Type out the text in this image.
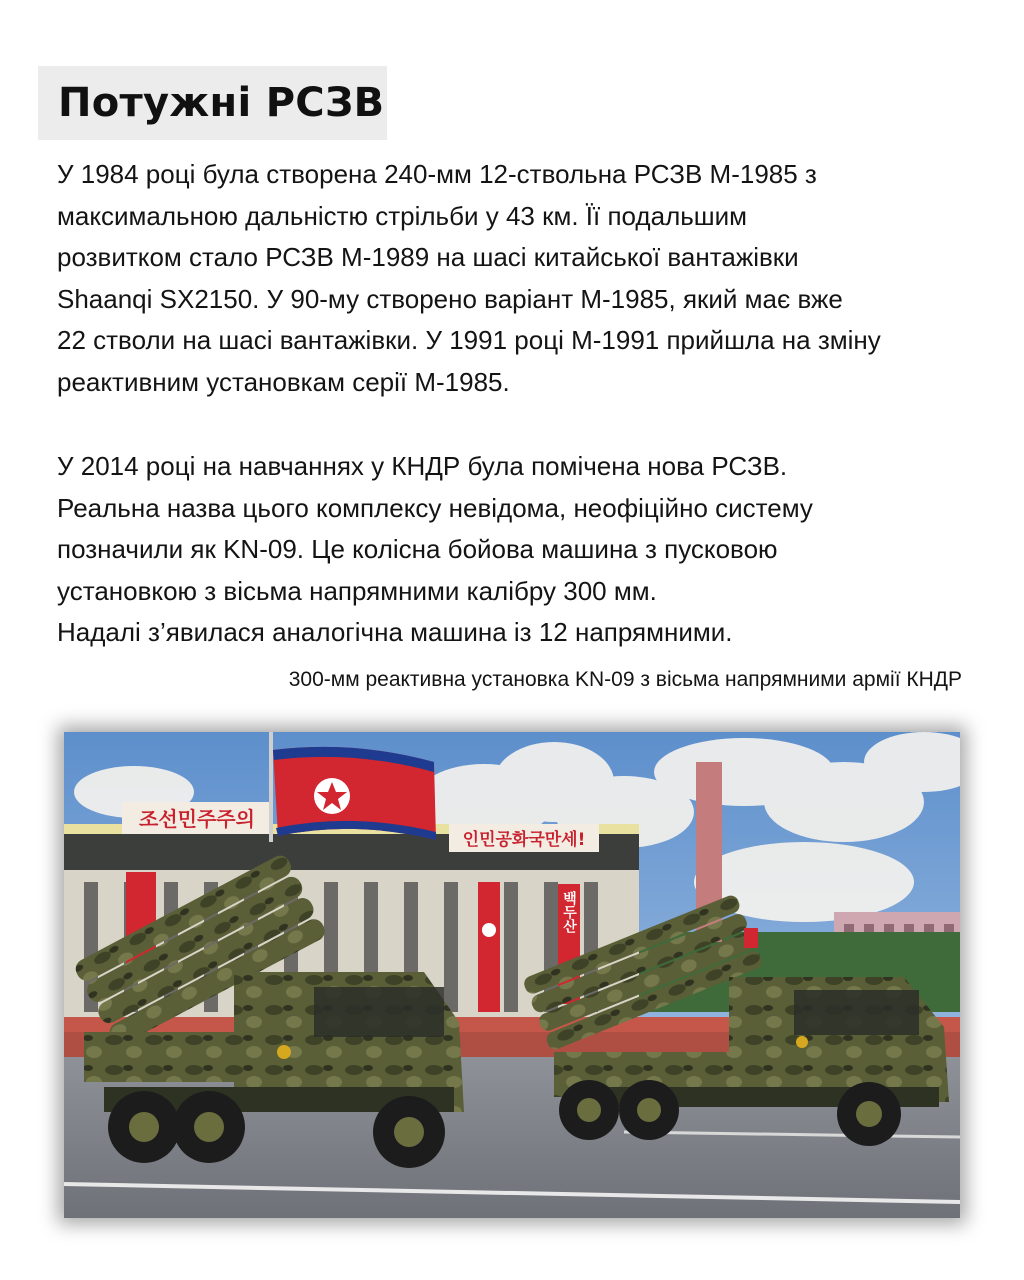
Потужні РСЗВ

У 1984 році була створена 240-мм 12-ствольна РСЗВ М-1985 з
максимальною дальністю стрільби у 43 км. Її подальшим
розвитком стало РСЗВ М-1989 на шасі китайської вантажівки
Shaanqi SX2150. У 90-му створено варіант М-1985, який має вже
22 стволи на шасі вантажівки. У 1991 році М-1991 прийшла на зміну
реактивним установкам серії М-1985.

У 2014 році на навчаннях у КНДР була помічена нова РСЗВ.
Реальна назва цього комплексу невідома, неофіційно систему
позначили як KN-09. Це колісна бойова машина з пусковою
установкою з вісьма напрямними калібру 300 мм.
Надалі з’явилася аналогічна машина із 12 напрямними.

300-мм реактивна установка KN-09 з вісьма напрямними армії КНДР
조선민주주의
인민공화국만세!
백두산
